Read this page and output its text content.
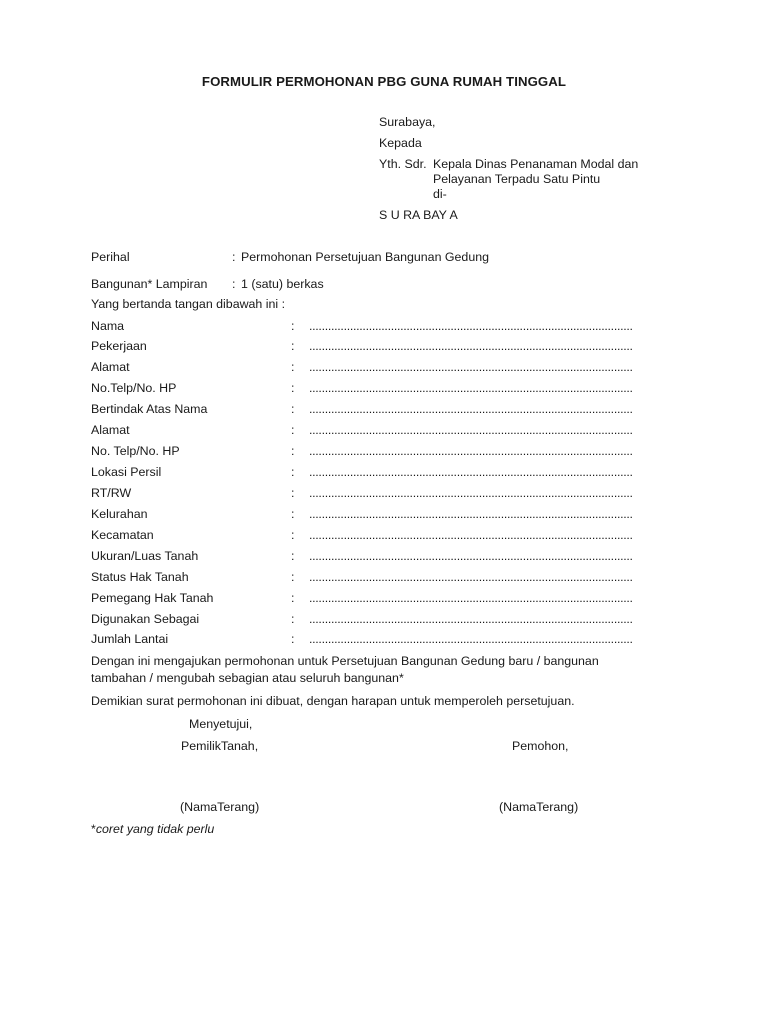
FORMULIR PERMOHONAN PBG GUNA RUMAH TINGGAL
Surabaya,
Kepada
Yth. Sdr. Kepala Dinas Penanaman Modal dan
Pelayanan Terpadu Satu Pintu
di-
S U RA BAY A
Perihal	: Permohonan Persetujuan Bangunan Gedung
Bangunan* Lampiran : 1 (satu) berkas
Yang bertanda tangan dibawah ini :
Nama	: .......................................................................................................
Pekerjaan	: .......................................................................................................
Alamat	: .......................................................................................................
No.Telp/No. HP	: .......................................................................................................
Bertindak Atas Nama	: .......................................................................................................
Alamat	: .......................................................................................................
No. Telp/No. HP	: .......................................................................................................
Lokasi Persil	: .......................................................................................................
RT/RW	: .......................................................................................................
Kelurahan	: .......................................................................................................
Kecamatan	: .......................................................................................................
Ukuran/Luas Tanah	: .......................................................................................................
Status Hak Tanah	: .......................................................................................................
Pemegang Hak Tanah	: .......................................................................................................
Digunakan Sebagai	: .......................................................................................................
Jumlah Lantai	: .......................................................................................................
Dengan ini mengajukan permohonan untuk Persetujuan Bangunan Gedung baru / bangunan
tambahan / mengubah sebagian atau seluruh bangunan*
Demikian surat permohonan ini dibuat, dengan harapan untuk memperoleh persetujuan.
Menyetujui,
PemilikTanah,	Pemohon,
(NamaTerang)	(NamaTerang)
*coret yang tidak perlu
